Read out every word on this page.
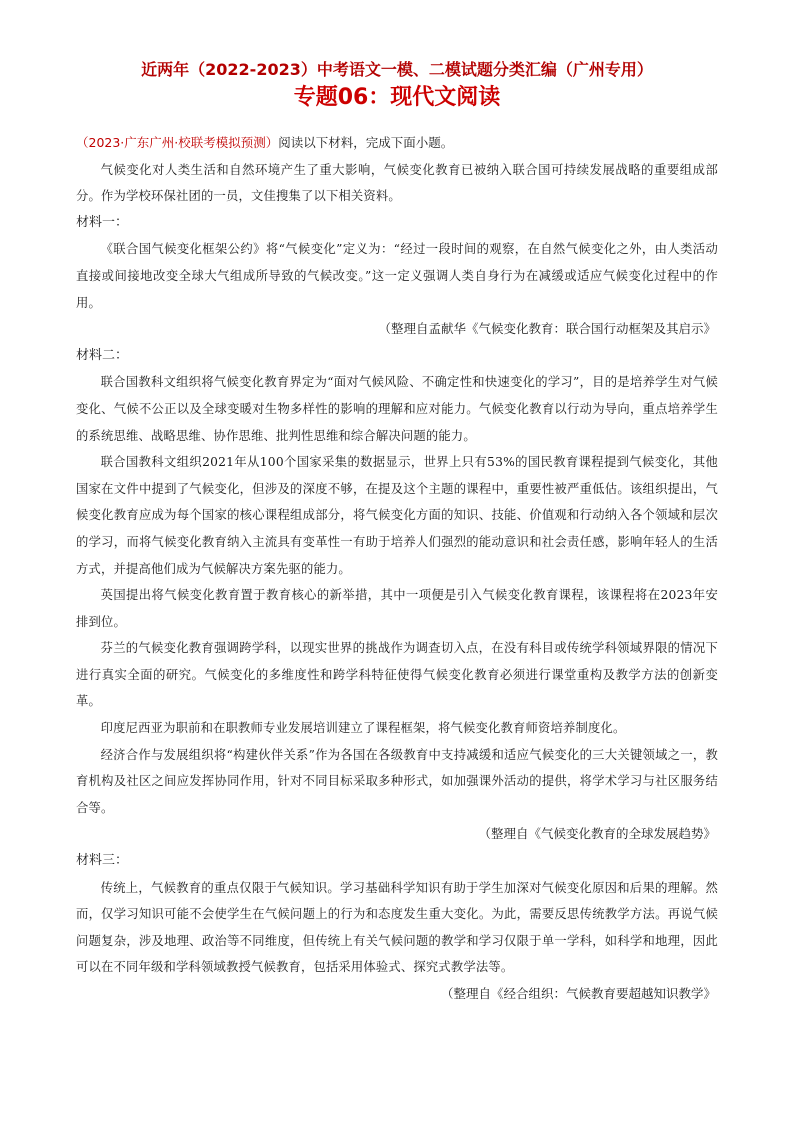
近两年（2022-2023）中考语文一模、二模试题分类汇编（广州专用）
专题06：现代文阅读

（2023·广东广州·校联考模拟预测）阅读以下材料，完成下面小题。

气候变化对人类生活和自然环境产生了重大影响，气候变化教育已被纳入联合国可持续发展战略的重要组成部分。作为学校环保社团的一员，文佳搜集了以下相关资料。

材料一：

《联合国气候变化框架公约》将“气候变化”定义为：“经过一段时间的观察，在自然气候变化之外，由人类活动直接或间接地改变全球大气组成所导致的气候改变。”这一定义强调人类自身行为在减缓或适应气候变化过程中的作用。

（整理自孟献华《气候变化教育：联合国行动框架及其启示》

材料二：

联合国教科文组织将气候变化教育界定为“面对气候风险、不确定性和快速变化的学习”，目的是培养学生对气候变化、气候不公正以及全球变暖对生物多样性的影响的理解和应对能力。气候变化教育以行动为导向，重点培养学生的系统思维、战略思维、协作思维、批判性思维和综合解决问题的能力。

联合国教科文组织2021年从100个国家采集的数据显示，世界上只有53%的国民教育课程提到气候变化，其他国家在文件中提到了气候变化，但涉及的深度不够，在提及这个主题的课程中，重要性被严重低估。该组织提出，气候变化教育应成为每个国家的核心课程组成部分，将气候变化方面的知识、技能、价值观和行动纳入各个领域和层次的学习，而将气候变化教育纳入主流具有变革性一有助于培养人们强烈的能动意识和社会责任感，影响年轻人的生活方式，并提高他们成为气候解决方案先驱的能力。

英国提出将气候变化教育置于教育核心的新举措，其中一项便是引入气候变化教育课程，该课程将在2023年安排到位。

芬兰的气候变化教育强调跨学科，以现实世界的挑战作为调查切入点，在没有科目或传统学科领域界限的情况下进行真实全面的研究。气候变化的多维度性和跨学科特征使得气候变化教育必须进行课堂重构及教学方法的创新变革。

印度尼西亚为职前和在职教师专业发展培训建立了课程框架，将气候变化教育师资培养制度化。

经济合作与发展组织将“构建伙伴关系”作为各国在各级教育中支持减缓和适应气候变化的三大关键领域之一，教育机构及社区之间应发挥协同作用，针对不同目标采取多种形式，如加强课外活动的提供，将学术学习与社区服务结合等。

（整理自《气候变化教育的全球发展趋势》

材料三：

传统上，气候教育的重点仅限于气候知识。学习基础科学知识有助于学生加深对气候变化原因和后果的理解。然而，仅学习知识可能不会使学生在气候问题上的行为和态度发生重大变化。为此，需要反思传统教学方法。再说气候问题复杂，涉及地理、政治等不同维度，但传统上有关气候问题的教学和学习仅限于单一学科，如科学和地理，因此可以在不同年级和学科领域教授气候教育，包括采用体验式、探究式教学法等。

（整理自《经合组织：气候教育要超越知识教学》
